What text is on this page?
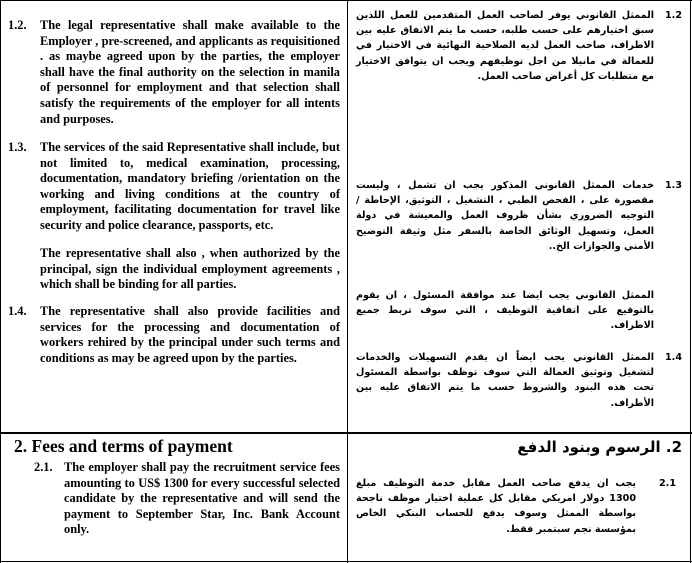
1.2. The legal representative shall make available to the Employer , pre-screened, and applicants as requisitioned . as maybe agreed upon by the parties, the employer shall have the final authority on the selection in manila of personnel for employment and that selection shall satisfy the requirements of the employer for all intents and purposes.
1.3. The services of the said Representative shall include, but not limited to, medical examination, processing, documentation, mandatory briefing /orientation on the working and living conditions at the country of employment, facilitating documentation for travel like security and police clearance, passports, etc.
The representative shall also , when authorized by the principal, sign the individual employment agreements , which shall be binding for all parties.
1.4. The representative shall also provide facilities and services for the processing and documentation of workers rehired by the principal under such terms and conditions as may be agreed upon by the parties.
1.2
الممثل القانوني يوفر لصاحب العمل المتقدمين للعمل اللذين سبق اختيارهم على حسب طلبه، حسب ما يتم الاتفاق عليه بين الاطراف، صاحب العمل لديه الصلاحية النهائية في الاختيار في للعمالة في مانيلا من اجل توظيفهم ويجب ان يتوافق الاختيار مع متطلبات كل أغراض صاحب العمل.
1.3
خدمات الممثل القانوني المذكور يجب ان تشمل ، وليست مقصورة على ، الفحص الطبي ، التشغيل ، التوثيق، الإحاطة / التوجيه الضروري بشأن ظروف العمل والمعيشة في دولة العمل، وتسهيل الوثائق الخاصة بالسفر مثل وثيقة التوضيح الأمني والجوازات الخ..
الممثل القانوني يجب ايضا عند موافقة المسئول ، ان يقوم بالتوقيع على اتفاقية التوظيف ، التي سوف تربط جميع الاطراف.
1.4
الممثل القانوني يجب ايضاً ان يقدم التسهيلات والخدمات لتشغيل وتوثيق العمالة التي سوف توظف بواسطة المسئول تحت هذه البنود والشروط حسب ما يتم الاتفاق عليه بين الأطراف.
2. Fees and terms of payment
2.1. The employer shall pay the recruitment service fees amounting to US$ 1300 for every successful selected candidate by the representative and will send the payment to September Star, Inc. Bank Account only.
2. الرسوم وبنود الدفع
2.1
يجب ان يدفع صاحب العمل مقابل خدمة التوظيف مبلغ 1300 دولار امريكي مقابل كل عملية اختيار موظف ناجحة بواسطة الممثل وسوف يدفع للحساب البنكي الخاص بمؤسسة نجم سبتمبر فقط.
